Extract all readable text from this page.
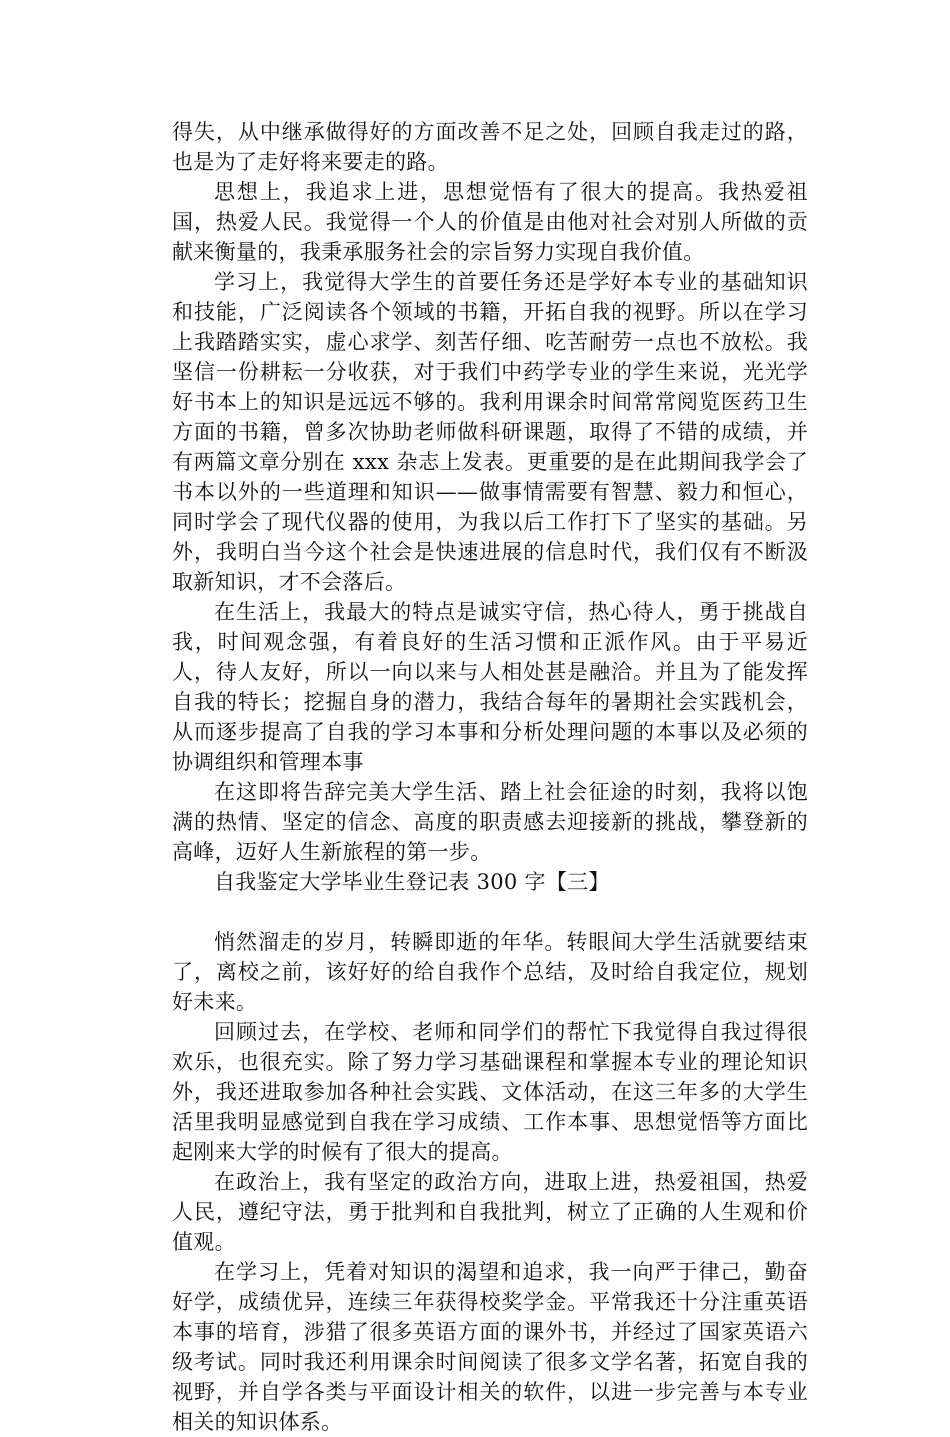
得失，从中继承做得好的方面改善不足之处，回顾自我走过的路，也是为了走好将来要走的路。

思想上，我追求上进，思想觉悟有了很大的提高。我热爱祖国，热爱人民。我觉得一个人的价值是由他对社会对别人所做的贡献来衡量的，我秉承服务社会的宗旨努力实现自我价值。

学习上，我觉得大学生的首要任务还是学好本专业的基础知识和技能，广泛阅读各个领域的书籍，开拓自我的视野。所以在学习上我踏踏实实，虚心求学、刻苦仔细、吃苦耐劳一点也不放松。我坚信一份耕耘一分收获，对于我们中药学专业的学生来说，光光学好书本上的知识是远远不够的。我利用课余时间常常阅览医药卫生方面的书籍，曾多次协助老师做科研课题，取得了不错的成绩，并有两篇文章分别在 xxx 杂志上发表。更重要的是在此期间我学会了书本以外的一些道理和知识——做事情需要有智慧、毅力和恒心，同时学会了现代仪器的使用，为我以后工作打下了坚实的基础。另外，我明白当今这个社会是快速进展的信息时代，我们仅有不断汲取新知识，才不会落后。

在生活上，我最大的特点是诚实守信，热心待人，勇于挑战自我，时间观念强，有着良好的生活习惯和正派作风。由于平易近人，待人友好，所以一向以来与人相处甚是融洽。并且为了能发挥自我的特长；挖掘自身的潜力，我结合每年的暑期社会实践机会，从而逐步提高了自我的学习本事和分析处理问题的本事以及必须的协调组织和管理本事

在这即将告辞完美大学生活、踏上社会征途的时刻，我将以饱满的热情、坚定的信念、高度的职责感去迎接新的挑战，攀登新的高峰，迈好人生新旅程的第一步。

自我鉴定大学毕业生登记表 300 字【三】

悄然溜走的岁月，转瞬即逝的年华。转眼间大学生活就要结束了，离校之前，该好好的给自我作个总结，及时给自我定位，规划好未来。

回顾过去，在学校、老师和同学们的帮忙下我觉得自我过得很欢乐，也很充实。除了努力学习基础课程和掌握本专业的理论知识外，我还进取参加各种社会实践、文体活动，在这三年多的大学生活里我明显感觉到自我在学习成绩、工作本事、思想觉悟等方面比起刚来大学的时候有了很大的提高。

在政治上，我有坚定的政治方向，进取上进，热爱祖国，热爱人民，遵纪守法，勇于批判和自我批判，树立了正确的人生观和价值观。

在学习上，凭着对知识的渴望和追求，我一向严于律己，勤奋好学，成绩优异，连续三年获得校奖学金。平常我还十分注重英语本事的培育，涉猎了很多英语方面的课外书，并经过了国家英语六级考试。同时我还利用课余时间阅读了很多文学名著，拓宽自我的视野，并自学各类与平面设计相关的软件，以进一步完善与本专业相关的知识体系。
